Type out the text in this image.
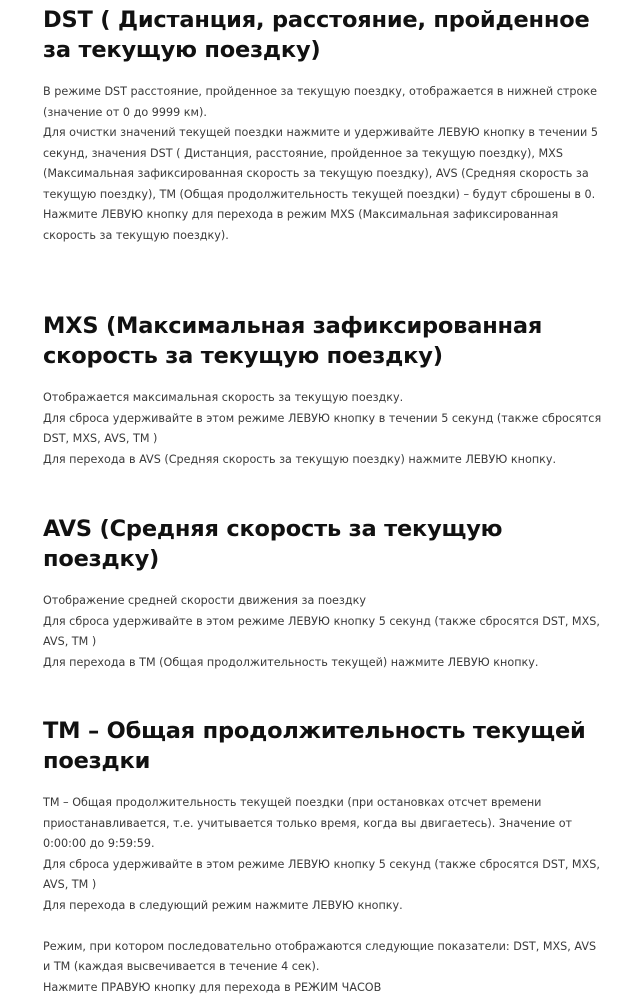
DST ( Дистанция, расстояние, пройденное за текущую поездку)

В режиме DST расстояние, пройденное за текущую поездку, отображается в нижней строке (значение от 0 до 9999 км).

Для очистки значений текущей поездки нажмите и удерживайте ЛЕВУЮ кнопку в течении 5 секунд, значения DST ( Дистанция, расстояние, пройденное за текущую поездку), MXS (Максимальная зафиксированная скорость за текущую поездку), AVS (Средняя скорость за текущую поездку), TM (Общая продолжительность текущей поездки) – будут сброшены в 0.

Нажмите ЛЕВУЮ кнопку для перехода в режим MXS (Максимальная зафиксированная скорость за текущую поездку).

MXS (Максимальная зафиксированная скорость за текущую поездку)

Отображается максимальная скорость за текущую поездку.

Для сброса удерживайте в этом режиме ЛЕВУЮ кнопку в течении 5 секунд (также сбросятся DST, MXS, AVS, TM )

Для перехода в AVS (Средняя скорость за текущую поездку) нажмите ЛЕВУЮ кнопку.

AVS (Средняя скорость за текущую поездку)

Отображение средней скорости движения за поездку

Для сброса удерживайте в этом режиме ЛЕВУЮ кнопку 5 секунд (также сбросятся DST, MXS, AVS, TM )

Для перехода в TM (Общая продолжительность текущей) нажмите ЛЕВУЮ кнопку.

TM – Общая продолжительность текущей поездки

TM – Общая продолжительность текущей поездки (при остановках отсчет времени приостанавливается, т.е. учитывается только время, когда вы двигаетесь). Значение от 0:00:00 до 9:59:59.

Для сброса удерживайте в этом режиме ЛЕВУЮ кнопку 5 секунд (также сбросятся DST, MXS, AVS, TM )

Для перехода в следующий режим нажмите ЛЕВУЮ кнопку.

Режим, при котором последовательно отображаются следующие показатели: DST, MXS, AVS и TM (каждая высвечивается в течение 4 сек).

Нажмите ПРАВУЮ кнопку для перехода в РЕЖИМ ЧАСОВ
